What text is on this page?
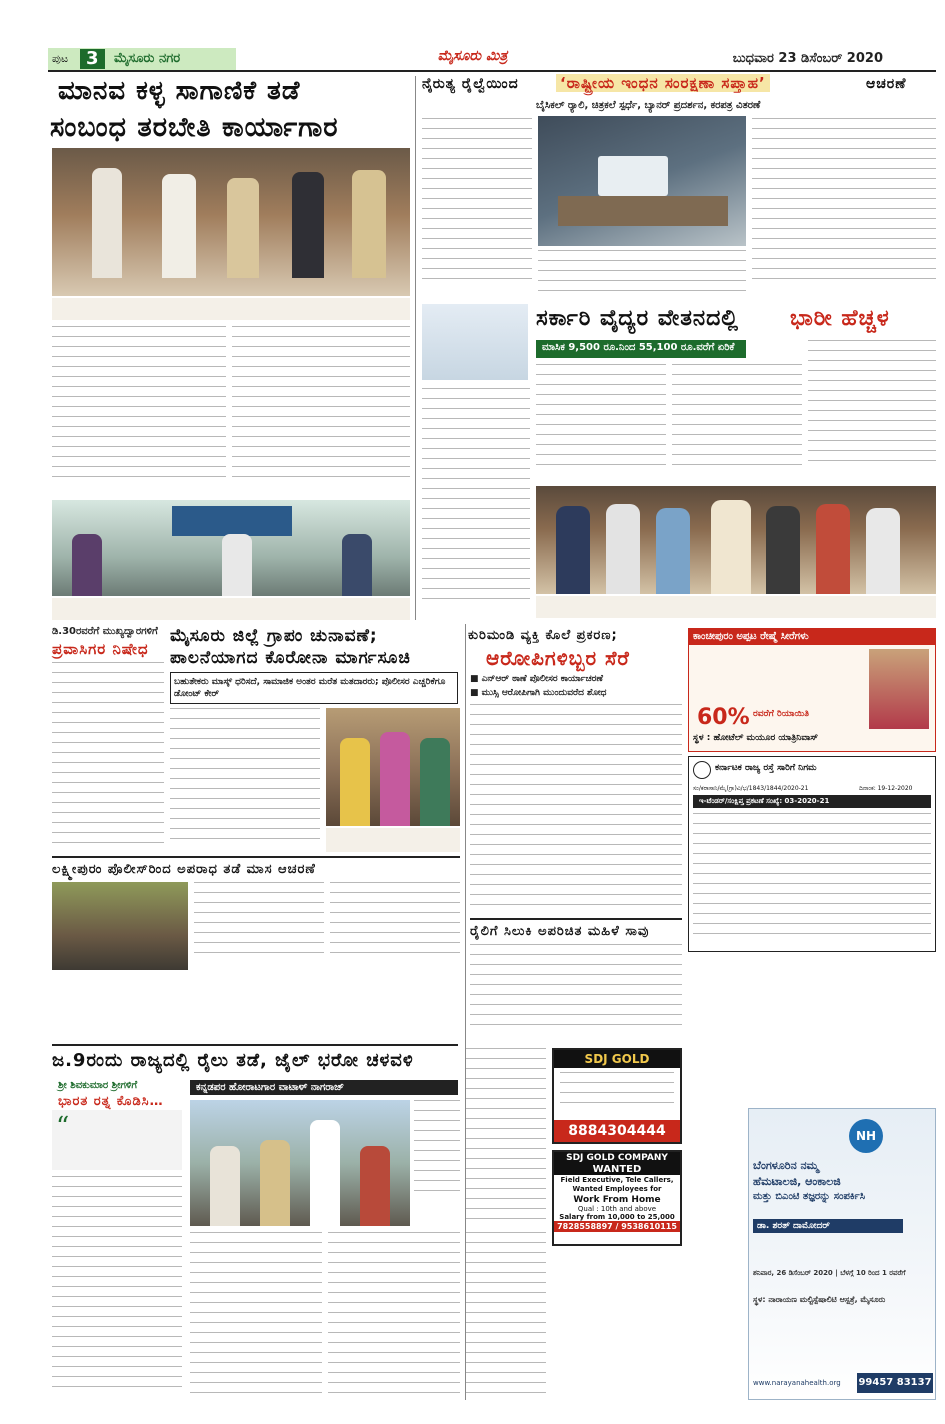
ಪುಟ 3	ಮೈಸೂರು ನಗರ	ಮೈಸೂರು ಮಿತ್ರ	ಬುಧವಾರ 23 ಡಿಸೆಂಬರ್ 2020
ಮಾನವ ಕಳ್ಳ ಸಾಗಾಣಿಕೆ ತಡೆ
ಸಂಬಂಧ ತರಬೇತಿ ಕಾರ್ಯಾಗಾರ
ನೈರುತ್ಯ ರೈಲ್ವೆಯಿಂದ	‘ರಾಷ್ಟ್ರೀಯ ಇಂಧನ ಸಂರಕ್ಷಣಾ ಸಪ್ತಾಹ’	ಆಚರಣೆ
ಬೈಸಿಕಲ್ ರ‍್ಯಾಲಿ, ಚಿತ್ರಕಲೆ ಸ್ಪರ್ಧೆ, ಬ್ಯಾನರ್ ಪ್ರದರ್ಶನ, ಕರಪತ್ರ ವಿತರಣೆ
ಸರ್ಕಾರಿ ವೈದ್ಯರ ವೇತನದಲ್ಲಿ ಭಾರೀ ಹೆಚ್ಚಳ
ಮಾಸಿಕ 9,500 ರೂ.ನಿಂದ 55,100 ರೂ.ವರೆಗೆ ಏರಿಕೆ
ಡಿ.30ರವರೆಗೆ ಮುಖ್ಯದ್ವಾರಗಳಿಗೆ
ಪ್ರವಾಸಿಗರ ನಿಷೇಧ
ಮೈಸೂರು ಜಿಲ್ಲೆ ಗ್ರಾಪಂ ಚುನಾವಣೆ;
ಪಾಲನೆಯಾಗದ ಕೊರೋನಾ ಮಾರ್ಗಸೂಚಿ
ಬಹುತೇಕರು ಮಾಸ್ಕ್ ಧರಿಸದೆ, ಸಾಮಾಜಿಕ ಅಂತರ ಮರೆತ ಮತದಾರರು; ಪೊಲೀಸರ ಎಚ್ಚರಿಕೆಗೂ ಡೋಂಟ್ ಕೇರ್
ಕುರಿಮಂಡಿ ವ್ಯಕ್ತಿ ಕೊಲೆ ಪ್ರಕರಣ;
ಆರೋಪಿಗಳಿಬ್ಬರ ಸೆರೆ
■ ಎನ್‌ಆರ್ ಠಾಣೆ ಪೊಲೀಸರ ಕಾರ್ಯಾಚರಣೆ
■ ಮುಸ್ಸಿ ಆರೋಪಿಗಾಗಿ ಮುಂದುವರೆದ ಶೋಧ
ಲಕ್ಷ್ಮೀಪುರಂ ಪೊಲೀಸ್‌ರಿಂದ ಅಪರಾಧ ತಡೆ ಮಾಸ ಆಚರಣೆ
ರೈಲಿಗೆ ಸಿಲುಕಿ ಅಪರಿಚಿತ ಮಹಿಳೆ ಸಾವು
ಕಾಂಚೀಪುರಂ ಅಪ್ಪಟ ರೇಷ್ಮೆ ಸೀರೆಗಳು
60% ರವರೆಗೆ ರಿಯಾಯಿತಿ
ಸ್ಥಳ : ಹೋಟೆಲ್ ಮಯೂರ ಯಾತ್ರಿನಿವಾಸ್
ಕರ್ನಾಟಕ ರಾಜ್ಯ ರಸ್ತೆ ಸಾರಿಗೆ ನಿಗಮ
ಸಂ/ಕರಾಸಾನಿ/ಮೈ(ಗ್ರಾ)ವಿ/ಭ/1843/1844/2020-21	ದಿನಾಂಕ: 19-12-2020
ಇ-ಟೆಂಡರ್/ಸಂಕ್ಷಿಪ್ತ ಪ್ರಕಟಣೆ ಸಂಖ್ಯೆ: 03-2020-21
ಜ.9ರಂದು ರಾಜ್ಯದಲ್ಲಿ ರೈಲು ತಡೆ, ಜೈಲ್ ಭರೋ ಚಳವಳಿ
ಶ್ರೀ ಶಿವಕುಮಾರ ಶ್ರೀಗಳಿಗೆ
ಭಾರತ ರತ್ನ ಕೊಡಿಸಿ…
“
ಕನ್ನಡಪರ ಹೋರಾಟಗಾರ ವಾಟಾಳ್ ನಾಗರಾಜ್
SDJ GOLD
8884304444
SDJ GOLD COMPANY
WANTED
Field Executive, Tele Callers, Wanted Employees for
Work From Home
Qual : 10th and above
Salary from 10,000 to 25,000
7828558897 / 9538610115
NH
ಬೆಂಗಳೂರಿನ ನಮ್ಮ
ಹೆಮಟಾಲಜಿ, ಆಂಕಾಲಜಿ
ಮತ್ತು ಬಿಎಂಟಿ ತಜ್ಞರನ್ನು ಸಂಪರ್ಕಿಸಿ
ಡಾ. ಶರತ್ ದಾಮೋದರ್
ಶನಿವಾರ, 26 ಡಿಸೆಂಬರ್ 2020 | ಬೆಳಗ್ಗೆ 10 ರಿಂದ 1 ರವರೆಗೆ
ಸ್ಥಳ: ನಾರಾಯಣ ಮಲ್ಟಿಸ್ಪೆಷಾಲಿಟಿ ಆಸ್ಪತ್ರೆ, ಮೈಸೂರು
www.narayanahealth.org 99457 83137
